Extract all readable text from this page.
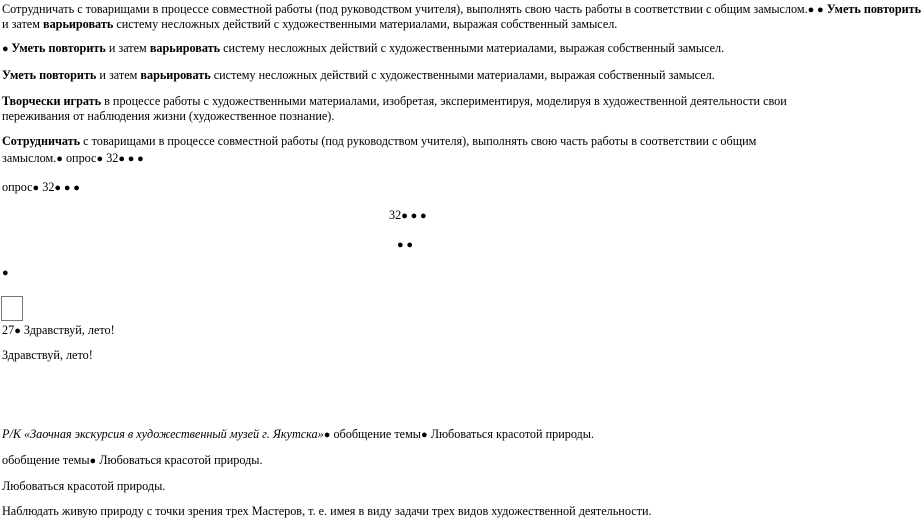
Сотрудничать с товарищами в процессе совместной работы (под руководством учителя), выполнять свою часть работы в соответствии с общим замыслом.● ● Уметь повторить
и затем варьировать систему несложных действий с художественными материалами, выражая собственный замысел.
● Уметь повторить и затем варьировать систему несложных действий с художественными материалами, выражая собственный замысел.
Уметь повторить и затем варьировать систему несложных действий с художественными материалами, выражая собственный замысел.
Творчески играть в процессе работы с художественными материалами, изобретая, экспериментируя, моделируя в художественной деятельности свои переживания от наблюдения жизни (художественное познание).
Сотрудничать с товарищами в процессе совместной работы (под руководством учителя), выполнять свою часть работы в соответствии с общим
замыслом.● опрос● 32● ● ●
опрос● 32● ● ●
32● ● ●
● ●
●
27● Здравствуй, лето!
Здравствуй, лето!
Р/К «Заочная экскурсия в художественный музей г. Якутска»● обобщение темы● Любоваться красотой природы.
обобщение темы● Любоваться красотой природы.
Любоваться красотой природы.
Наблюдать живую природу с точки зрения трех Мастеров, т. е. имея в виду задачи трех видов художественной деятельности.
